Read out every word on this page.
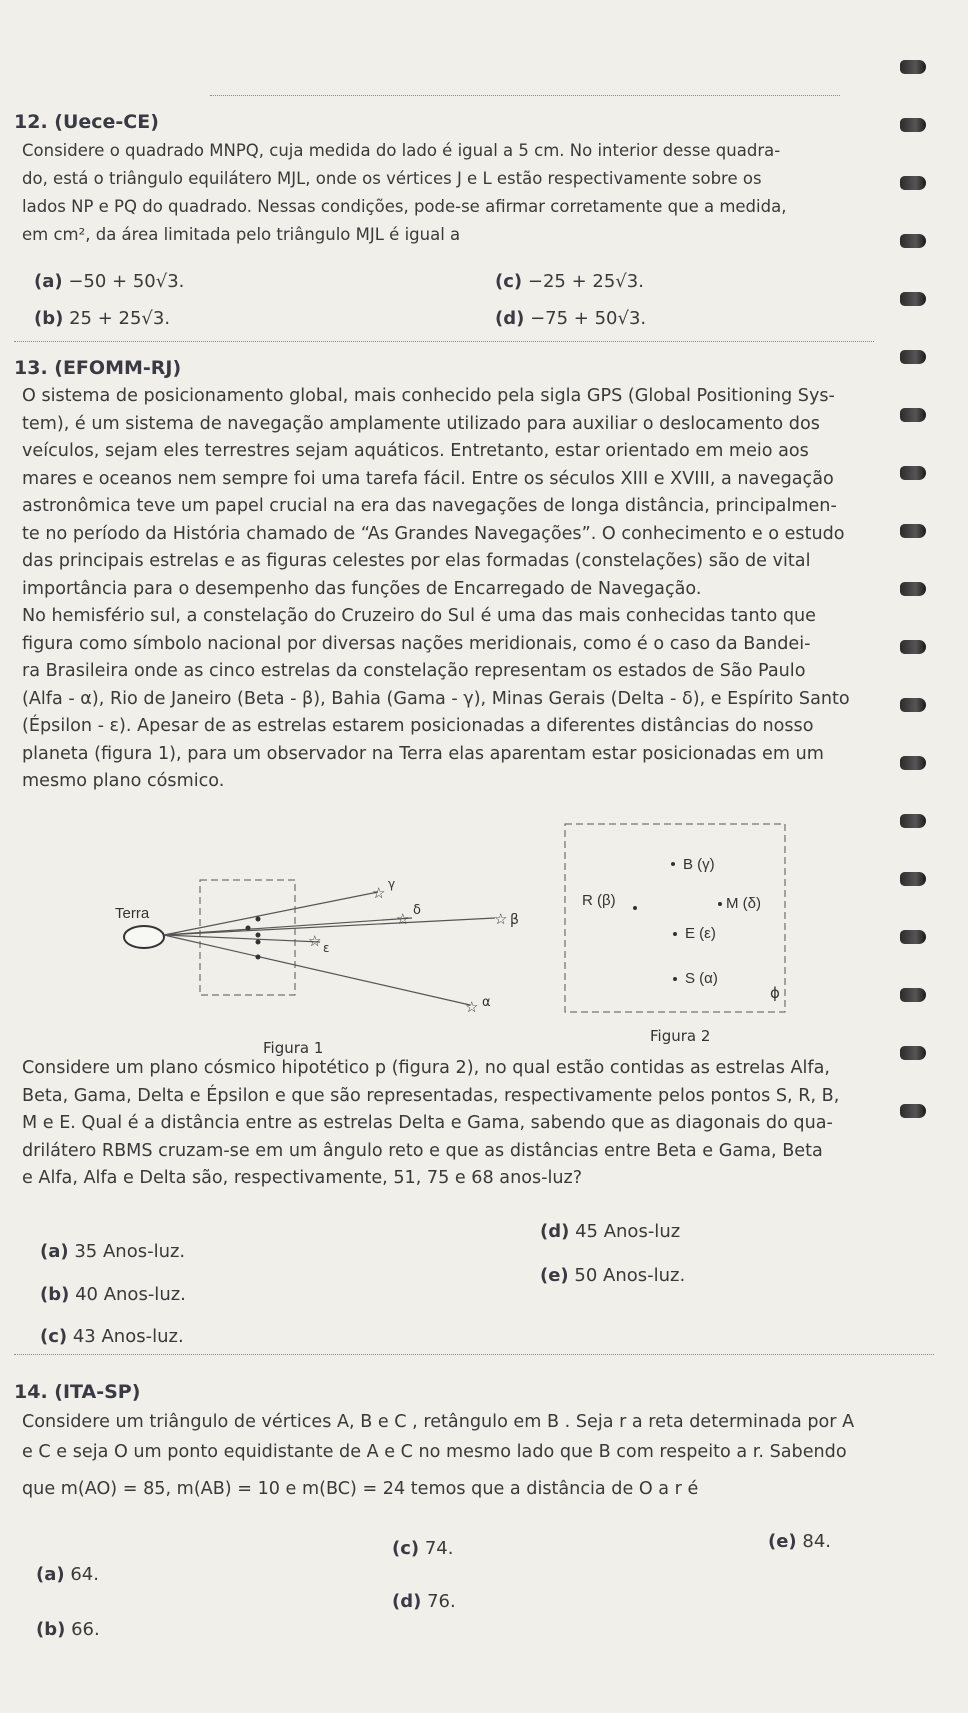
12. (Uece-CE)
Considere o quadrado MNPQ, cuja medida do lado é igual a 5 cm. No interior desse quadra-
do, está o triângulo equilátero MJL, onde os vértices J e L estão respectivamente sobre os
lados NP e PQ do quadrado. Nessas condições, pode-se afirmar corretamente que a medida,
em cm², da área limitada pelo triângulo MJL é igual a
(a) −50 + 50√3.	(c) −25 + 25√3.
(b) 25 + 25√3.	(d) −75 + 50√3.
13. (EFOMM-RJ)
O sistema de posicionamento global, mais conhecido pela sigla GPS (Global Positioning Sys-
tem), é um sistema de navegação amplamente utilizado para auxiliar o deslocamento dos
veículos, sejam eles terrestres sejam aquáticos. Entretanto, estar orientado em meio aos
mares e oceanos nem sempre foi uma tarefa fácil. Entre os séculos XIII e XVIII, a navegação
astronômica teve um papel crucial na era das navegações de longa distância, principalmen-
te no período da História chamado de “As Grandes Navegações”. O conhecimento e o estudo
das principais estrelas e as figuras celestes por elas formadas (constelações) são de vital
importância para o desempenho das funções de Encarregado de Navegação.
No hemisfério sul, a constelação do Cruzeiro do Sul é uma das mais conhecidas tanto que
figura como símbolo nacional por diversas nações meridionais, como é o caso da Bandei-
ra Brasileira onde as cinco estrelas da constelação representam os estados de São Paulo
(Alfa - α), Rio de Janeiro (Beta - β), Bahia (Gama - γ), Minas Gerais (Delta - δ), e Espírito Santo
(Épsilon - ε). Apesar de as estrelas estarem posicionadas a diferentes distâncias do nosso
planeta (figura 1), para um observador na Terra elas aparentam estar posicionadas em um
mesmo plano cósmico.
Terra
☆ γ
☆ δ	☆ β
☆ ε
☆ α
Figura 1
B (γ)
R (β)	M (δ)
E (ε)
S (α)
ϕ
Figura 2
Considere um plano cósmico hipotético p (figura 2), no qual estão contidas as estrelas Alfa,
Beta, Gama, Delta e Épsilon e que são representadas, respectivamente pelos pontos S, R, B,
M e E. Qual é a distância entre as estrelas Delta e Gama, sabendo que as diagonais do qua-
drilátero RBMS cruzam-se em um ângulo reto e que as distâncias entre Beta e Gama, Beta
e Alfa, Alfa e Delta são, respectivamente, 51, 75 e 68 anos-luz?
(d) 45 Anos-luz
(a) 35 Anos-luz.
(e) 50 Anos-luz.
(b) 40 Anos-luz.
(c) 43 Anos-luz.
14. (ITA-SP)
Considere um triângulo de vértices A, B e C , retângulo em B . Seja r a reta determinada por A
e C e seja O um ponto equidistante de A e C no mesmo lado que B com respeito a r. Sabendo
que m(AO) = 85, m(AB) = 10 e m(BC) = 24 temos que a distância de O a r é
(c) 74.	(e) 84.
(a) 64.
(d) 76.
(b) 66.
